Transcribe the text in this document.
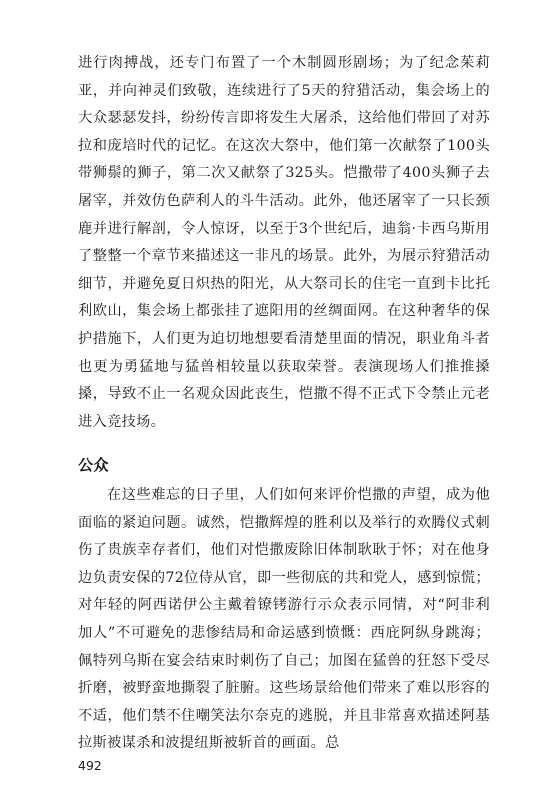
进行肉搏战，还专门布置了一个木制圆形剧场；为了纪念茱莉亚，并向神灵们致敬，连续进行了5天的狩猎活动，集会场上的大众瑟瑟发抖，纷纷传言即将发生大屠杀，这给他们带回了对苏拉和庞培时代的记忆。在这次大祭中，他们第一次献祭了100头带狮鬃的狮子，第二次又献祭了325头。恺撒带了400头狮子去屠宰，并效仿色萨利人的斗牛活动。此外，他还屠宰了一只长颈鹿并进行解剖，令人惊讶，以至于3个世纪后，迪翁·卡西乌斯用了整整一个章节来描述这一非凡的场景。此外，为展示狩猎活动细节，并避免夏日炽热的阳光，从大祭司长的住宅一直到卡比托利欧山，集会场上都张挂了遮阳用的丝绸面网。在这种奢华的保护措施下，人们更为迫切地想要看清楚里面的情况，职业角斗者也更为勇猛地与猛兽相较量以获取荣誉。表演现场人们推推搡搡，导致不止一名观众因此丧生，恺撒不得不正式下令禁止元老进入竞技场。

公众

在这些难忘的日子里，人们如何来评价恺撒的声望，成为他面临的紧迫问题。诚然，恺撒辉煌的胜利以及举行的欢腾仪式刺伤了贵族幸存者们，他们对恺撒废除旧体制耿耿于怀；对在他身边负责安保的72位侍从官，即一些彻底的共和党人，感到惊慌；对年轻的阿西诺伊公主戴着镣铐游行示众表示同情，对“阿非利加人”不可避免的悲惨结局和命运感到愤慨：西庇阿纵身跳海；佩特列乌斯在宴会结束时刺伤了自己；加图在猛兽的狂怒下受尽折磨，被野蛮地撕裂了脏腑。这些场景给他们带来了难以形容的不适，他们禁不住嘲笑法尔奈克的逃脱，并且非常喜欢描述阿基拉斯被谋杀和波提纽斯被斩首的画面。总

492
